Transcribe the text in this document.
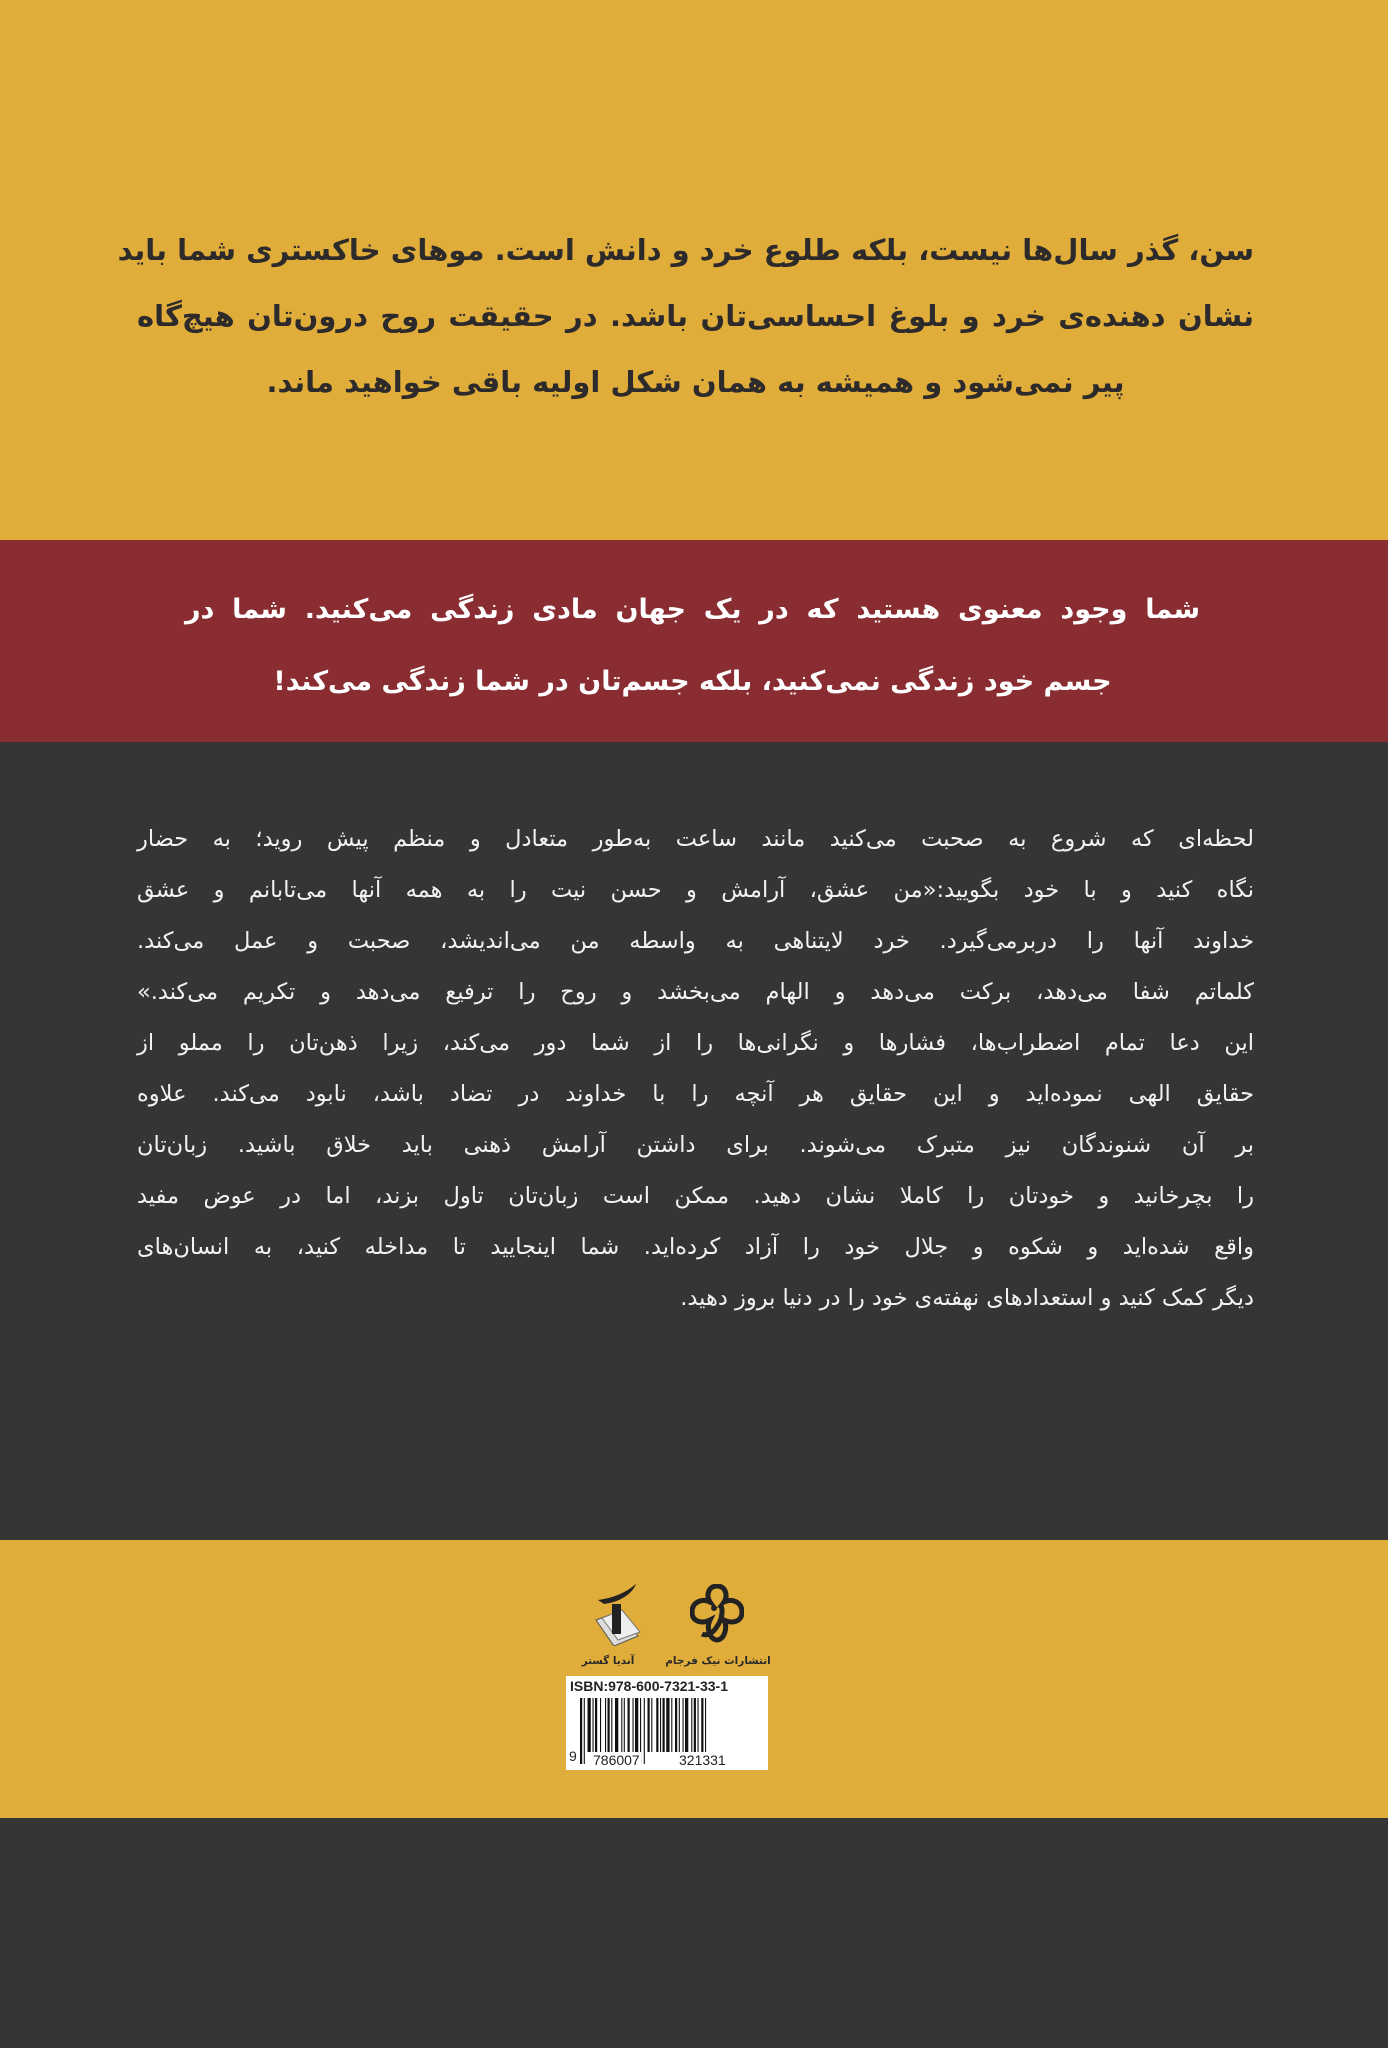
سن، گذر سال‌ها نیست، بلکه طلوع خرد و دانش است. موهای خاکستری شما باید
نشان دهنده‌ی خرد و بلوغ احساسی‌تان باشد. در حقیقت روح درون‌تان هیچ‌گاه
پیر نمی‌شود و همیشه به همان شکل اولیه باقی خواهید ماند.
شما وجود معنوی هستید که در یک جهان مادی زندگی می‌کنید. شما در
جسم خود زندگی نمی‌کنید، بلکه جسم‌تان در شما زندگی می‌کند!
لحظه‌ای که شروع به صحبت می‌کنید مانند ساعت به‌طور متعادل و منظم پیش روید؛ به حضار
نگاه کنید و با خود بگویید:«من عشق، آرامش و حسن نیت را به همه آنها می‌تابانم و عشق
خداوند آنها را دربرمی‌گیرد. خرد لایتناهی به واسطه من می‌اندیشد، صحبت و عمل می‌کند.
کلماتم شفا می‌دهد، برکت می‌دهد و الهام می‌بخشد و روح را ترفیع می‌دهد و تکریم می‌کند.»
این دعا تمام اضطراب‌ها، فشارها و نگرانی‌ها را از شما دور می‌کند، زیرا ذهن‌تان را مملو از
حقایق الهی نموده‌اید و این حقایق هر آنچه را با خداوند در تضاد باشد، نابود می‌کند. علاوه
بر آن شنوندگان نیز متبرک می‌شوند. برای داشتن آرامش ذهنی باید خلاق باشید. زبان‌تان
را بچرخانید و خودتان را کاملا نشان دهید. ممکن است زبان‌تان تاول بزند، اما در عوض مفید
واقع شده‌اید و شکوه و جلال خود را آزاد کرده‌اید. شما اینجایید تا مداخله کنید، به انسان‌های
دیگر کمک کنید و استعدادهای نهفته‌ی خود را در دنیا بروز دهید.
آندیا گستر	انتشارات نیک فرجام
ISBN:978-600-7321-33-1
9 786007	321331
